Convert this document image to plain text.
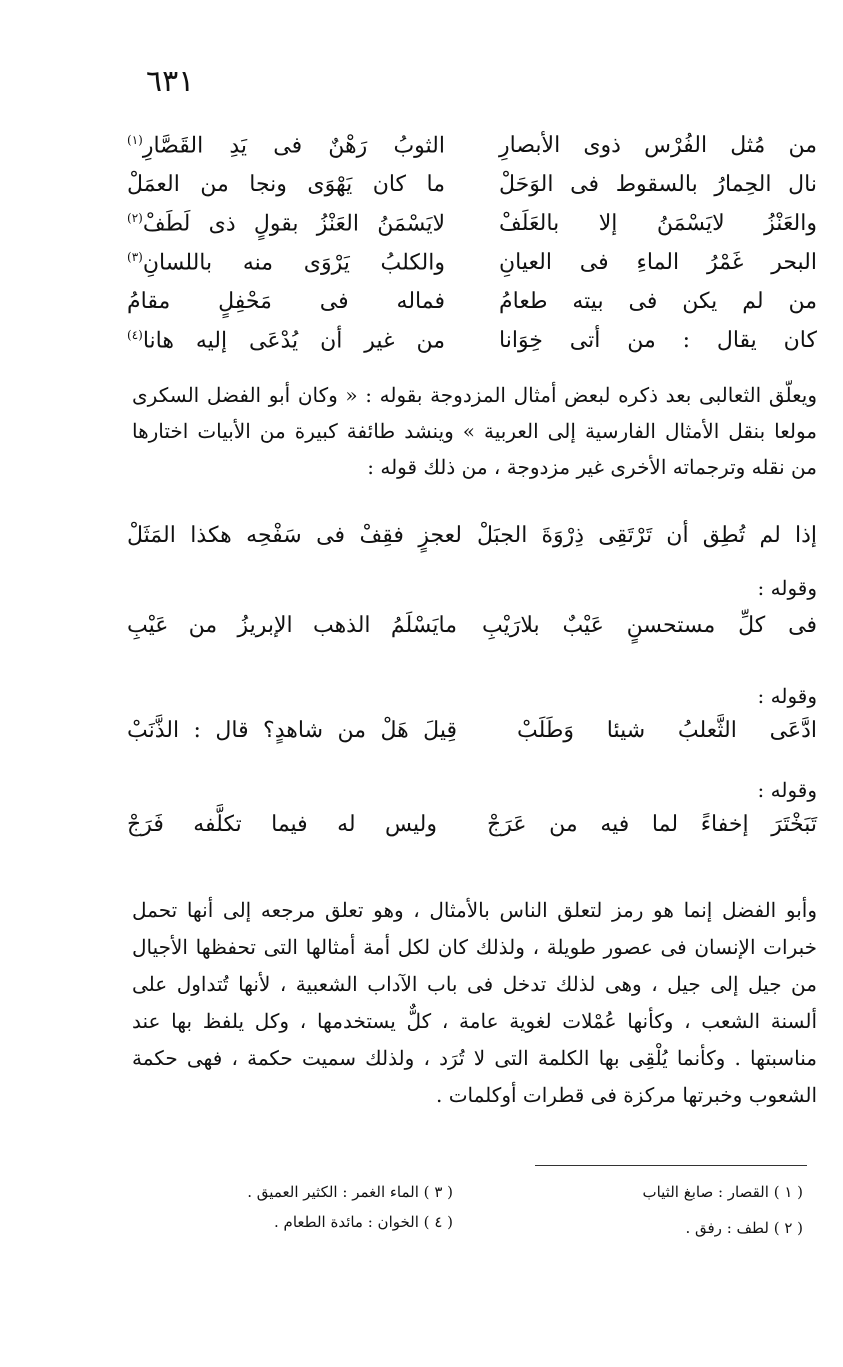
٦٣١
من مُثل الفُرْس ذوى الأبصارِ
الثوبُ رَهْنٌ فى يَدِ القَصَّارِ$^{(١)}$
نال الحِمارُ بالسقوط فى الوَحَلْ
ما كان يَهْوَى ونجا من العمَلْ
والعَنْزُ لايَسْمَنُ إلا بالعَلَفْ
لايَسْمَنُ العَنْزُ بقولٍ ذى لَطَفْ$^{(٢)}$
البحر غَمْرُ الماءِ فى العيانِ
والكلبُ يَرْوَى منه باللسانِ$^{(٣)}$
من لم يكن فى بيته طعامُ
فماله فى مَحْفِلٍ مقامُ
كان يقال : من أتى خِوَانا
من غير أن يُدْعَى إليه هانا$^{(٤)}$

ويعلّق الثعالبى بعد ذكره لبعض أمثال المزدوجة بقوله : « وكان أبو الفضل السكرى مولعا بنقل الأمثال الفارسية إلى العربية » وينشد طائفة كبيرة من الأبيات اختارها من نقله وترجماته الأخرى غير مزدوجة ، من ذلك قوله :

إذا لم تُطِق أن تَرْتَقِى ذِرْوَةَ الجبَلْ
لعجزٍ فقِفْ فى سَفْحِه هكذا المَثَلْ
وقوله :
فى كلِّ مستحسنٍ عَيْبٌ بلارَيْبِ
مايَسْلَمُ الذهب الإبريزُ من عَيْبِ
وقوله :
ادَّعَى الثَّعلبُ شيئا وَطَلَبْ
قِيلَ هَلْ من شاهدٍ؟ قال : الذَّنَبْ
وقوله :
تَبَخْتَرَ إخفاءً لما فيه من عَرَجْ
وليس له فيما تكلَّفه فَرَجْ

وأبو الفضل إنما هو رمز لتعلق الناس بالأمثال ، وهو تعلق مرجعه إلى أنها تحمل خبرات الإنسان فى عصور طويلة ، ولذلك كان لكل أمة أمثالها التى تحفظها الأجيال من جيل إلى جيل ، وهى لذلك تدخل فى باب الآداب الشعبية ، لأنها تُتداول على ألسنة الشعب ، وكأنها عُمْلات لغوية عامة ، كلٌّ يستخدمها ، وكل يلفظ بها عند مناسبتها . وكأنما يُلْقِى بها الكلمة التى لا تُرَد ، ولذلك سميت حكمة ، فهى حكمة الشعوب وخبرتها مركزة فى قطرات أوكلمات .

( ١ ) القصار : صابغ الثياب
( ٢ ) لطف : رفق .
( ٣ ) الماء الغمر : الكثير العميق .
( ٤ ) الخوان : مائدة الطعام .
